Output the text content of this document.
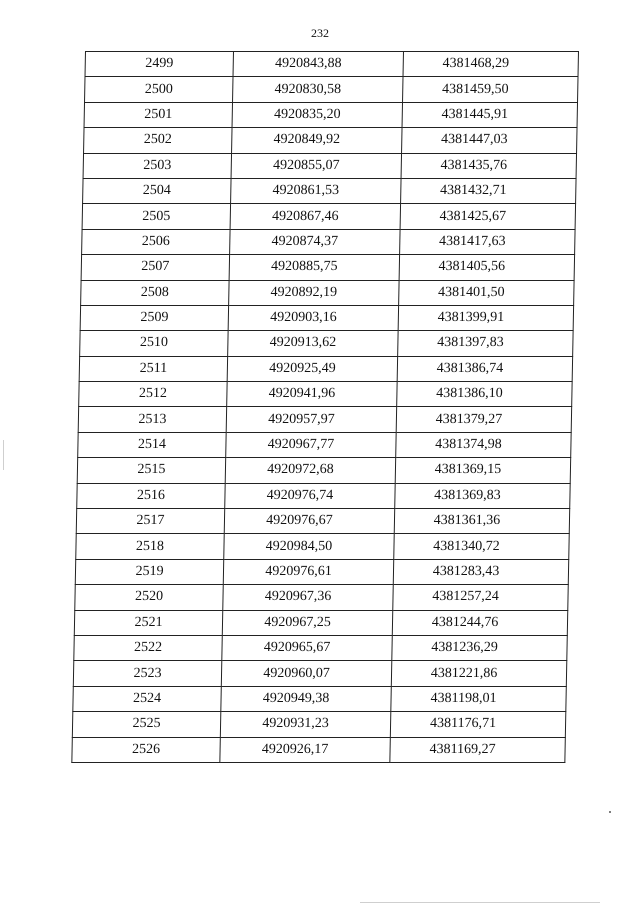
232
2499	4920843,88	4381468,29
2500	4920830,58	4381459,50
2501	4920835,20	4381445,91
2502	4920849,92	4381447,03
2503	4920855,07	4381435,76
2504	4920861,53	4381432,71
2505	4920867,46	4381425,67
2506	4920874,37	4381417,63
2507	4920885,75	4381405,56
2508	4920892,19	4381401,50
2509	4920903,16	4381399,91
2510	4920913,62	4381397,83
2511	4920925,49	4381386,74
2512	4920941,96	4381386,10
2513	4920957,97	4381379,27
2514	4920967,77	4381374,98
2515	4920972,68	4381369,15
2516	4920976,74	4381369,83
2517	4920976,67	4381361,36
2518	4920984,50	4381340,72
2519	4920976,61	4381283,43
2520	4920967,36	4381257,24
2521	4920967,25	4381244,76
2522	4920965,67	4381236,29
2523	4920960,07	4381221,86
2524	4920949,38	4381198,01
2525	4920931,23	4381176,71
2526	4920926,17	4381169,27
